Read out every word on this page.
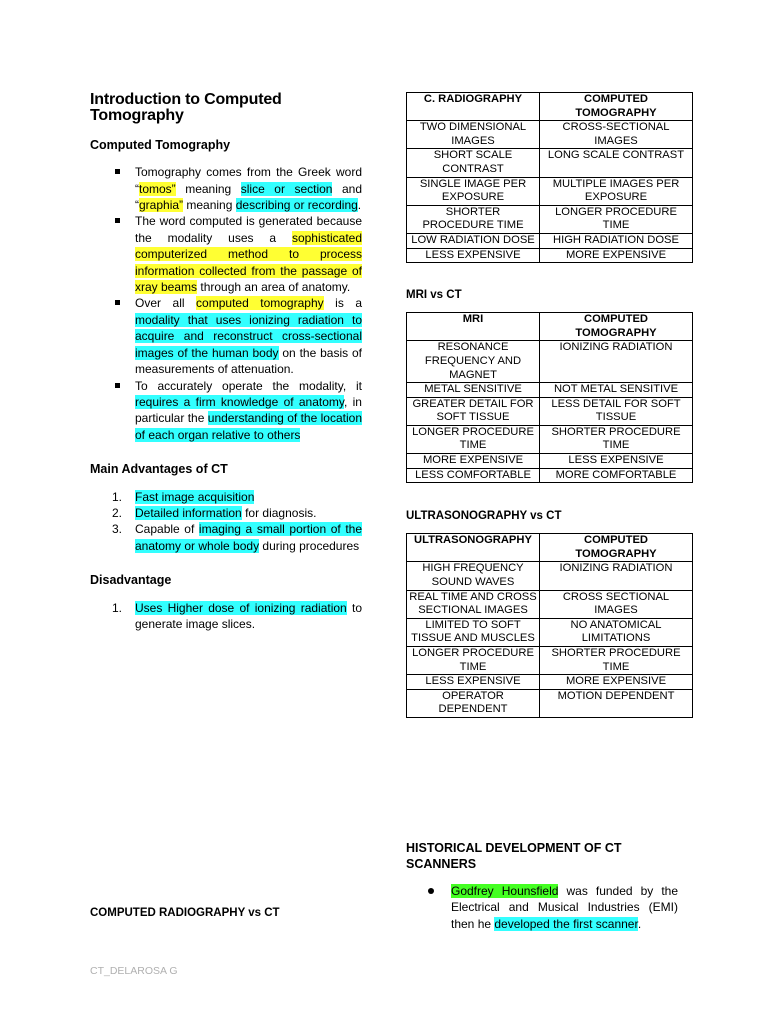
Introduction to Computed Tomography
Computed Tomography
Tomography comes from the Greek word “tomos” meaning slice or section and “graphia” meaning describing or recording.
The word computed is generated because the modality uses a sophisticated computerized method to process information collected from the passage of xray beams through an area of anatomy.
Over all computed tomography is a modality that uses ionizing radiation to acquire and reconstruct cross-sectional images of the human body on the basis of measurements of attenuation.
To accurately operate the modality, it requires a firm knowledge of anatomy, in particular the understanding of the location of each organ relative to others
Main Advantages of CT
1. Fast image acquisition
2. Detailed information for diagnosis.
3. Capable of imaging a small portion of the anatomy or whole body during procedures
Disadvantage
1. Uses Higher dose of ionizing radiation to generate image slices.
C. RADIOGRAPHY	COMPUTED TOMOGRAPHY
TWO DIMENSIONAL IMAGES	CROSS-SECTIONAL IMAGES
SHORT SCALE CONTRAST	LONG SCALE CONTRAST
SINGLE IMAGE PER EXPOSURE	MULTIPLE IMAGES PER EXPOSURE
SHORTER PROCEDURE TIME	LONGER PROCEDURE TIME
LOW RADIATION DOSE	HIGH RADIATION DOSE
LESS EXPENSIVE	MORE EXPENSIVE
MRI vs CT
MRI	COMPUTED TOMOGRAPHY
RESONANCE FREQUENCY AND MAGNET	IONIZING RADIATION
METAL SENSITIVE	NOT METAL SENSITIVE
GREATER DETAIL FOR SOFT TISSUE	LESS DETAIL FOR SOFT TISSUE
LONGER PROCEDURE TIME	SHORTER PROCEDURE TIME
MORE EXPENSIVE	LESS EXPENSIVE
LESS COMFORTABLE	MORE COMFORTABLE
ULTRASONOGRAPHY vs CT
ULTRASONOGRAPHY	COMPUTED TOMOGRAPHY
HIGH FREQUENCY SOUND WAVES	IONIZING RADIATION
REAL TIME AND CROSS SECTIONAL IMAGES	CROSS SECTIONAL IMAGES
LIMITED TO SOFT TISSUE AND MUSCLES	NO ANATOMICAL LIMITATIONS
LONGER PROCEDURE TIME	SHORTER PROCEDURE TIME
LESS EXPENSIVE	MORE EXPENSIVE
OPERATOR DEPENDENT	MOTION DEPENDENT
HISTORICAL DEVELOPMENT OF CT SCANNERS
Godfrey Hounsfield was funded by the Electrical and Musical Industries (EMI) then he developed the first scanner.
COMPUTED RADIOGRAPHY vs CT
CT_DELAROSA G
